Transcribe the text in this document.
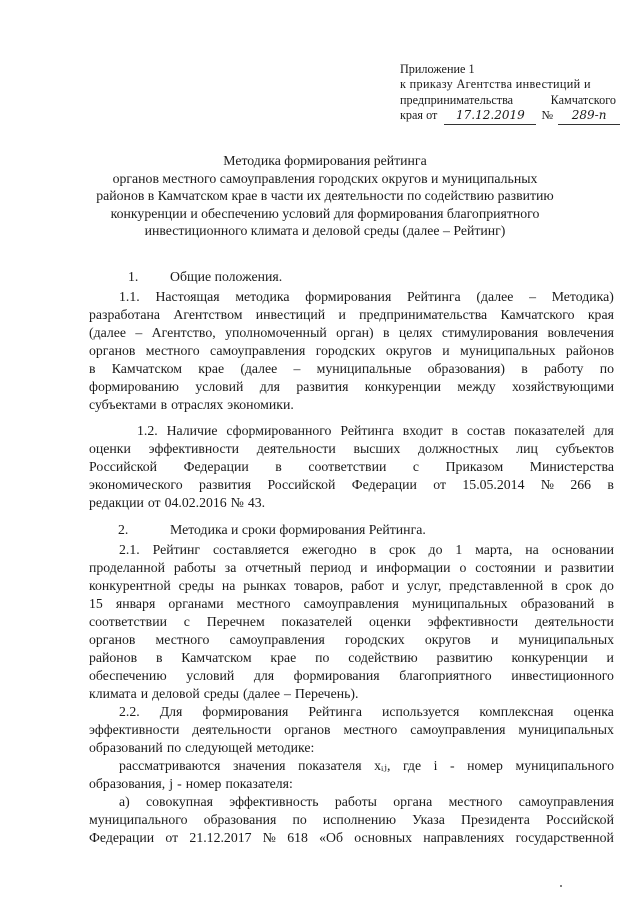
Приложение 1
к приказу Агентства инвестиций и
предпринимательства	Камчатского
края от 17.12.2019 № 289-п
Методика формирования рейтинга
органов местного самоуправления городских округов и муниципальных
районов в Камчатском крае в части их деятельности по содействию развитию
конкуренции и обеспечению условий для формирования благоприятного
инвестиционного климата и деловой среды (далее – Рейтинг)
1.1. Настоящая методика формирования Рейтинга (далее – Методика)
разработана Агентством инвестиций и предпринимательства Камчатского края
(далее – Агентство, уполномоченный орган) в целях стимулирования вовлечения
органов местного самоуправления городских округов и муниципальных районов
в Камчатском крае (далее – муниципальные образования) в работу по
формированию условий для развития конкуренции между хозяйствующими
субъектами в отраслях экономики.
1.2. Наличие сформированного Рейтинга входит в состав показателей для
оценки эффективности деятельности высших должностных лиц субъектов
Российской Федерации в соответствии с Приказом Министерства
экономического развития Российской Федерации от 15.05.2014 № 266 в
редакции от 04.02.2016 № 43.
2.1. Рейтинг составляется ежегодно в срок до 1 марта, на основании
проделанной работы за отчетный период и информации о состоянии и развитии
конкурентной среды на рынках товаров, работ и услуг, представленной в срок до
15 января органами местного самоуправления муниципальных образований в
соответствии с Перечнем показателей оценки эффективности деятельности
органов местного самоуправления городских округов и муниципальных
районов в Камчатском крае по содействию развитию конкуренции и
обеспечению условий для формирования благоприятного инвестиционного
климата и деловой среды (далее – Перечень).
2.2. Для формирования Рейтинга используется комплексная оценка
эффективности деятельности органов местного самоуправления муниципальных
образований по следующей методике:
рассматриваются значения показателя xᵢⱼ, где i - номер муниципального
образования, j - номер показателя:
а) совокупная эффективность работы органа местного самоуправления
муниципального образования по исполнению Указа Президента Российской
Федерации от 21.12.2017 № 618 «Об основных направлениях государственной
1. Общие положения.
2.	Методика и сроки формирования Рейтинга.
